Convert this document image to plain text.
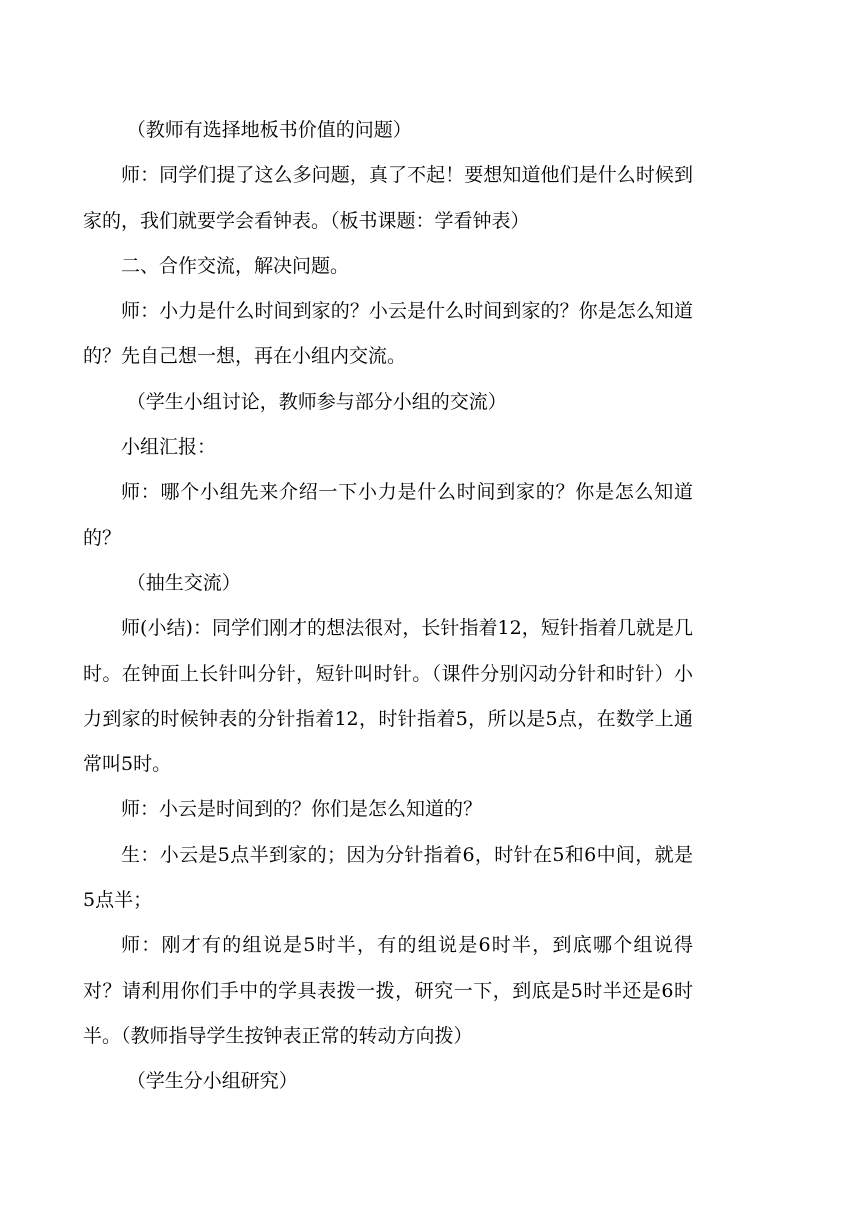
（教师有选择地板书价值的问题）

师：同学们提了这么多问题，真了不起！要想知道他们是什么时候到家的，我们就要学会看钟表。（板书课题：学看钟表）

二、合作交流，解决问题。

师：小力是什么时间到家的？小云是什么时间到家的？你是怎么知道的？先自己想一想，再在小组内交流。

（学生小组讨论，教师参与部分小组的交流）

小组汇报：

师：哪个小组先来介绍一下小力是什么时间到家的？你是怎么知道的？

（抽生交流）

师(小结)：同学们刚才的想法很对，长针指着12，短针指着几就是几时。在钟面上长针叫分针，短针叫时针。（课件分别闪动分针和时针）小力到家的时候钟表的分针指着12，时针指着5，所以是5点，在数学上通常叫5时。

师：小云是时间到的？你们是怎么知道的？

生：小云是5点半到家的；因为分针指着6，时针在5和6中间，就是5点半；

师：刚才有的组说是5时半，有的组说是6时半，到底哪个组说得对？请利用你们手中的学具表拨一拨，研究一下，到底是5时半还是6时半。（教师指导学生按钟表正常的转动方向拨）

（学生分小组研究）
